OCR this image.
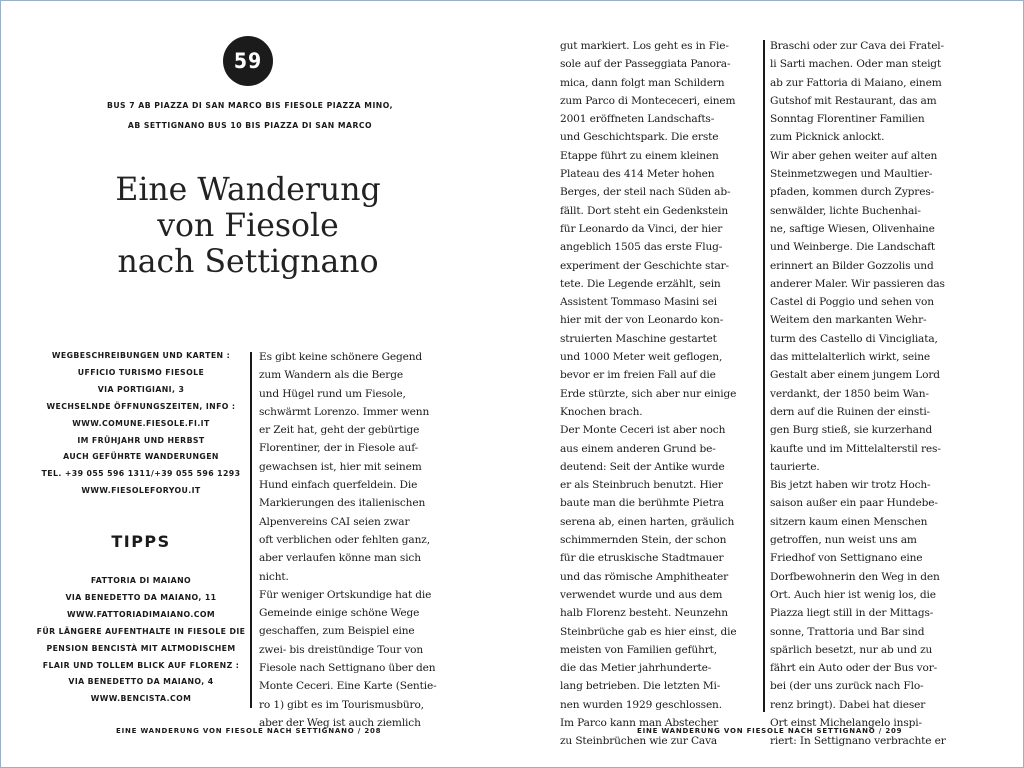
59
BUS 7 AB PIAZZA DI SAN MARCO BIS FIESOLE PIAZZA MINO,
AB SETTIGNANO BUS 10 BIS PIAZZA DI SAN MARCO
Eine Wanderung
von Fiesole
nach Settignano
WEGBESCHREIBUNGEN UND KARTEN :
UFFICIO TURISMO FIESOLE
VIA PORTIGIANI, 3
WECHSELNDE ÖFFNUNGSZEITEN, INFO :
WWW.COMUNE.FIESOLE.FI.IT
IM FRÜHJAHR UND HERBST
AUCH GEFÜHRTE WANDERUNGEN
TEL. +39 055 596 1311/+39 055 596 1293
WWW.FIESOLEFORYOU.IT
TIPPS
FATTORIA DI MAIANO
VIA BENEDETTO DA MAIANO, 11
WWW.FATTORIADIMAIANO.COM
FÜR LÄNGERE AUFENTHALTE IN FIESOLE DIE
PENSION BENCISTÀ MIT ALTMODISCHEM
FLAIR UND TOLLEM BLICK AUF FLORENZ :
VIA BENEDETTO DA MAIANO, 4
WWW.BENCISTA.COM
Es gibt keine schönere Gegend
zum Wandern als die Berge
und Hügel rund um Fiesole,
schwärmt Lorenzo. Immer wenn
er Zeit hat, geht der gebürtige
Florentiner, der in Fiesole auf-
gewachsen ist, hier mit seinem
Hund einfach querfeldein. Die
Markierungen des italienischen
Alpenvereins CAI seien zwar
oft verblichen oder fehlten ganz,
aber verlaufen könne man sich
nicht.
Für weniger Ortskundige hat die
Gemeinde einige schöne Wege
geschaffen, zum Beispiel eine
zwei- bis dreistündige Tour von
Fiesole nach Settignano über den
Monte Ceceri. Eine Karte (Sentie-
ro 1) gibt es im Tourismusbüro,
aber der Weg ist auch ziemlich
EINE WANDERUNG VON FIESOLE NACH SETTIGNANO / 208
gut markiert. Los geht es in Fie-
sole auf der Passeggiata Panora-
mica, dann folgt man Schildern
zum Parco di Montececeri, einem
2001 eröffneten Landschafts-
und Geschichtspark. Die erste
Etappe führt zu einem kleinen
Plateau des 414 Meter hohen
Berges, der steil nach Süden ab-
fällt. Dort steht ein Gedenkstein
für Leonardo da Vinci, der hier
angeblich 1505 das erste Flug-
experiment der Geschichte star-
tete. Die Legende erzählt, sein
Assistent Tommaso Masini sei
hier mit der von Leonardo kon-
struierten Maschine gestartet
und 1000 Meter weit geflogen,
bevor er im freien Fall auf die
Erde stürzte, sich aber nur einige
Knochen brach.
Der Monte Ceceri ist aber noch
aus einem anderen Grund be-
deutend: Seit der Antike wurde
er als Steinbruch benutzt. Hier
baute man die berühmte Pietra
serena ab, einen harten, gräulich
schimmernden Stein, der schon
für die etruskische Stadtmauer
und das römische Amphitheater
verwendet wurde und aus dem
halb Florenz besteht. Neunzehn
Steinbrüche gab es hier einst, die
meisten von Familien geführt,
die das Metier jahrhunderte-
lang betrieben. Die letzten Mi-
nen wurden 1929 geschlossen.
Im Parco kann man Abstecher
zu Steinbrüchen wie zur Cava
Braschi oder zur Cava dei Fratel-
li Sarti machen. Oder man steigt
ab zur Fattoria di Maiano, einem
Gutshof mit Restaurant, das am
Sonntag Florentiner Familien
zum Picknick anlockt.
Wir aber gehen weiter auf alten
Steinmetzwegen und Maultier-
pfaden, kommen durch Zypres-
senwälder, lichte Buchenhai-
ne, saftige Wiesen, Olivenhaine
und Weinberge. Die Landschaft
erinnert an Bilder Gozzolis und
anderer Maler. Wir passieren das
Castel di Poggio und sehen von
Weitem den markanten Wehr-
turm des Castello di Vincigliata,
das mittelalterlich wirkt, seine
Gestalt aber einem jungem Lord
verdankt, der 1850 beim Wan-
dern auf die Ruinen der einsti-
gen Burg stieß, sie kurzerhand
kaufte und im Mittelalterstil res-
taurierte.
Bis jetzt haben wir trotz Hoch-
saison außer ein paar Hundebe-
sitzern kaum einen Menschen
getroffen, nun weist uns am
Friedhof von Settignano eine
Dorfbewohnerin den Weg in den
Ort. Auch hier ist wenig los, die
Piazza liegt still in der Mittags-
sonne, Trattoria und Bar sind
spärlich besetzt, nur ab und zu
fährt ein Auto oder der Bus vor-
bei (der uns zurück nach Flo-
renz bringt). Dabei hat dieser
Ort einst Michelangelo inspi-
riert: In Settignano verbrachte er
EINE WANDERUNG VON FIESOLE NACH SETTIGNANO / 209
